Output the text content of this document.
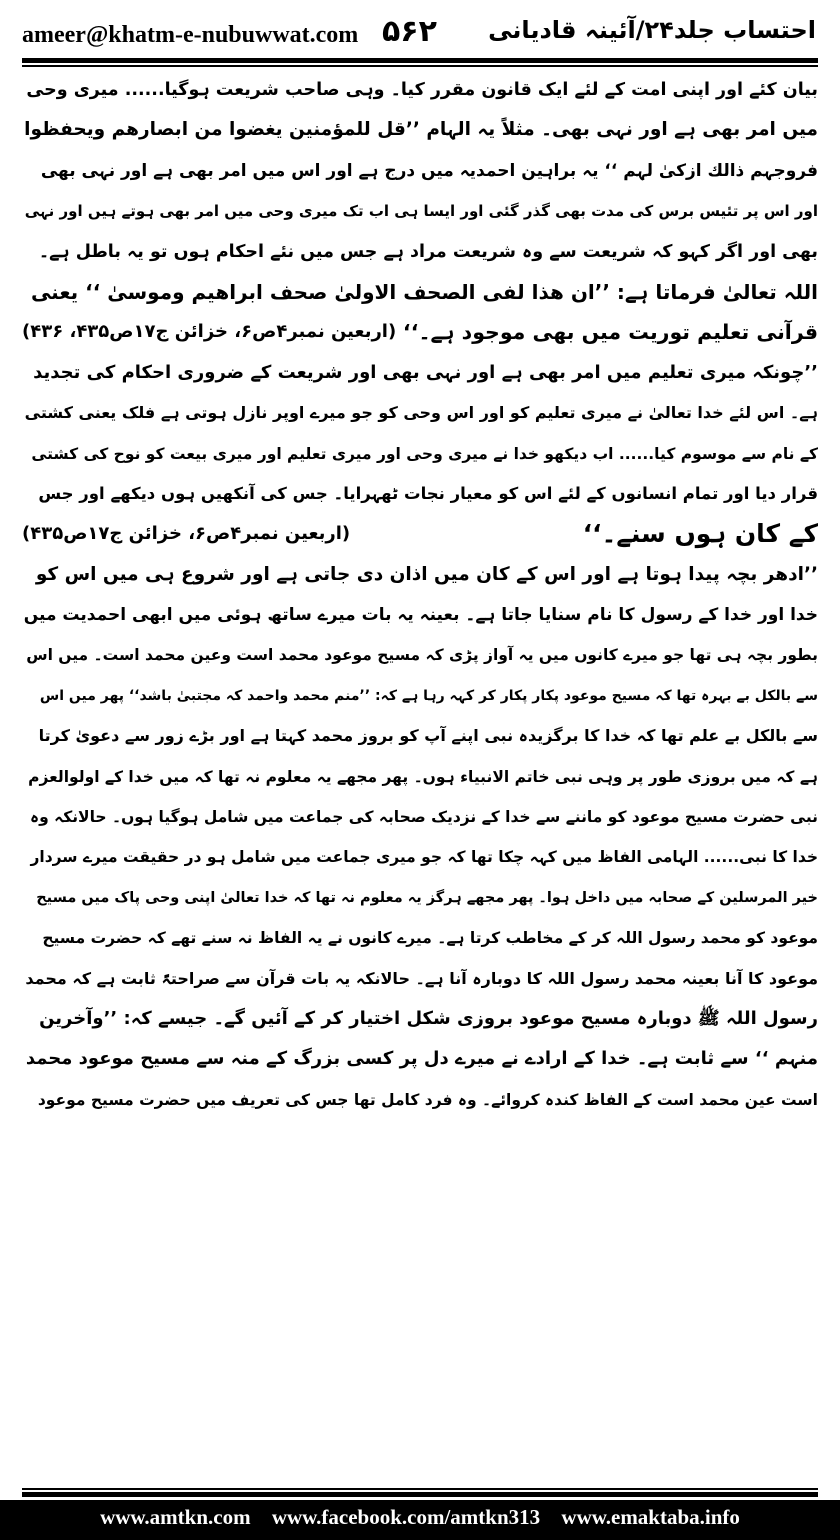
ameer@khatm-e-nubuwwat.com ۵۶۲ احتساب جلد۲۴/آئینہ قادیانی
بیان کئے اور اپنی امت کے لئے ایک قانون مقرر کیا۔ وہی صاحب شریعت ہوگیا...... میری وحی
میں امر بھی ہے اور نہی بھی۔ مثلاً یہ الہام ’’قل للمؤمنین یغضوا من ابصارھم ویحفظوا
فروجہم ذالك ازکیٰ لہم ‘‘ یہ براہین احمدیہ میں درج ہے اور اس میں امر بھی ہے اور نہی بھی
اور اس پر تئیس برس کی مدت بھی گذر گئی اور ایسا ہی اب تک میری وحی میں امر بھی ہوتے ہیں اور نہی
بھی اور اگر کہو کہ شریعت سے وہ شریعت مراد ہے جس میں نئے احکام ہوں تو یہ باطل ہے۔
اللہ تعالیٰ فرماتا ہے: ’’ان ھذا لفی الصحف الاولیٰ صحف ابراھیم وموسیٰ ‘‘ یعنی
قرآنی تعلیم توریت میں بھی موجود ہے۔‘‘
(اربعین نمبر۴ص۶، خزائن ج۱۷ص۴۳۵، ۴۳۶)
’’چونکہ میری تعلیم میں امر بھی ہے اور نہی بھی اور شریعت کے ضروری احکام کی تجدید
ہے۔ اس لئے خدا تعالیٰ نے میری تعلیم کو اور اس وحی کو جو میرے اوپر نازل ہوتی ہے فلک یعنی کشتی
کے نام سے موسوم کیا...... اب دیکھو خدا نے میری وحی اور میری تعلیم اور میری بیعت کو نوح کی کشتی
قرار دیا اور تمام انسانوں کے لئے اس کو معیار نجات ٹھہرایا۔ جس کی آنکھیں ہوں دیکھے اور جس
کے کان ہوں سنے۔‘‘
(اربعین نمبر۴ص۶، خزائن ج۱۷ص۴۳۵)
’’ادھر بچہ پیدا ہوتا ہے اور اس کے کان میں اذان دی جاتی ہے اور شروع ہی میں اس کو
خدا اور خدا کے رسول کا نام سنایا جاتا ہے۔ بعینہ یہ بات میرے ساتھ ہوئی میں ابھی احمدیت میں
بطور بچہ ہی تھا جو میرے کانوں میں یہ آواز پڑی کہ مسیح موعود محمد است وعین محمد است۔ میں اس
سے بالکل بے بہرہ تھا کہ مسیح موعود پکار پکار کر کہہ رہا ہے کہ: ’’منم محمد واحمد کہ مجتبیٰ باشد‘‘ پھر میں اس
سے بالکل بے علم تھا کہ خدا کا برگزیدہ نبی اپنے آپ کو بروز محمد کہتا ہے اور بڑے زور سے دعویٰ کرتا
ہے کہ میں بروزی طور پر وہی نبی خاتم الانبیاء ہوں۔ پھر مجھے یہ معلوم نہ تھا کہ میں خدا کے اولوالعزم
نبی حضرت مسیح موعود کو ماننے سے خدا کے نزدیک صحابہ کی جماعت میں شامل ہوگیا ہوں۔ حالانکہ وہ
خدا کا نبی...... الہامی الفاظ میں کہہ چکا تھا کہ جو میری جماعت میں شامل ہو در حقیقت میرے سردار
خیر المرسلین کے صحابہ میں داخل ہوا۔ پھر مجھے ہرگز یہ معلوم نہ تھا کہ خدا تعالیٰ اپنی وحی پاک میں مسیح
موعود کو محمد رسول اللہ کر کے مخاطب کرتا ہے۔ میرے کانوں نے یہ الفاظ نہ سنے تھے کہ حضرت مسیح
موعود کا آنا بعینہ محمد رسول اللہ کا دوبارہ آنا ہے۔ حالانکہ یہ بات قرآن سے صراحتہً ثابت ہے کہ محمد
رسول اللہ ﷺ دوبارہ مسیح موعود بروزی شکل اختیار کر کے آئیں گے۔ جیسے کہ: ’’وآخرین
منہم ‘‘ سے ثابت ہے۔ خدا کے ارادے نے میرے دل پر کسی بزرگ کے منہ سے مسیح موعود محمد
است عین محمد است کے الفاظ کندہ کروائے۔ وہ فرد کامل تھا جس کی تعریف میں حضرت مسیح موعود
www.amtkn.com www.facebook.com/amtkn313 www.emaktaba.info
